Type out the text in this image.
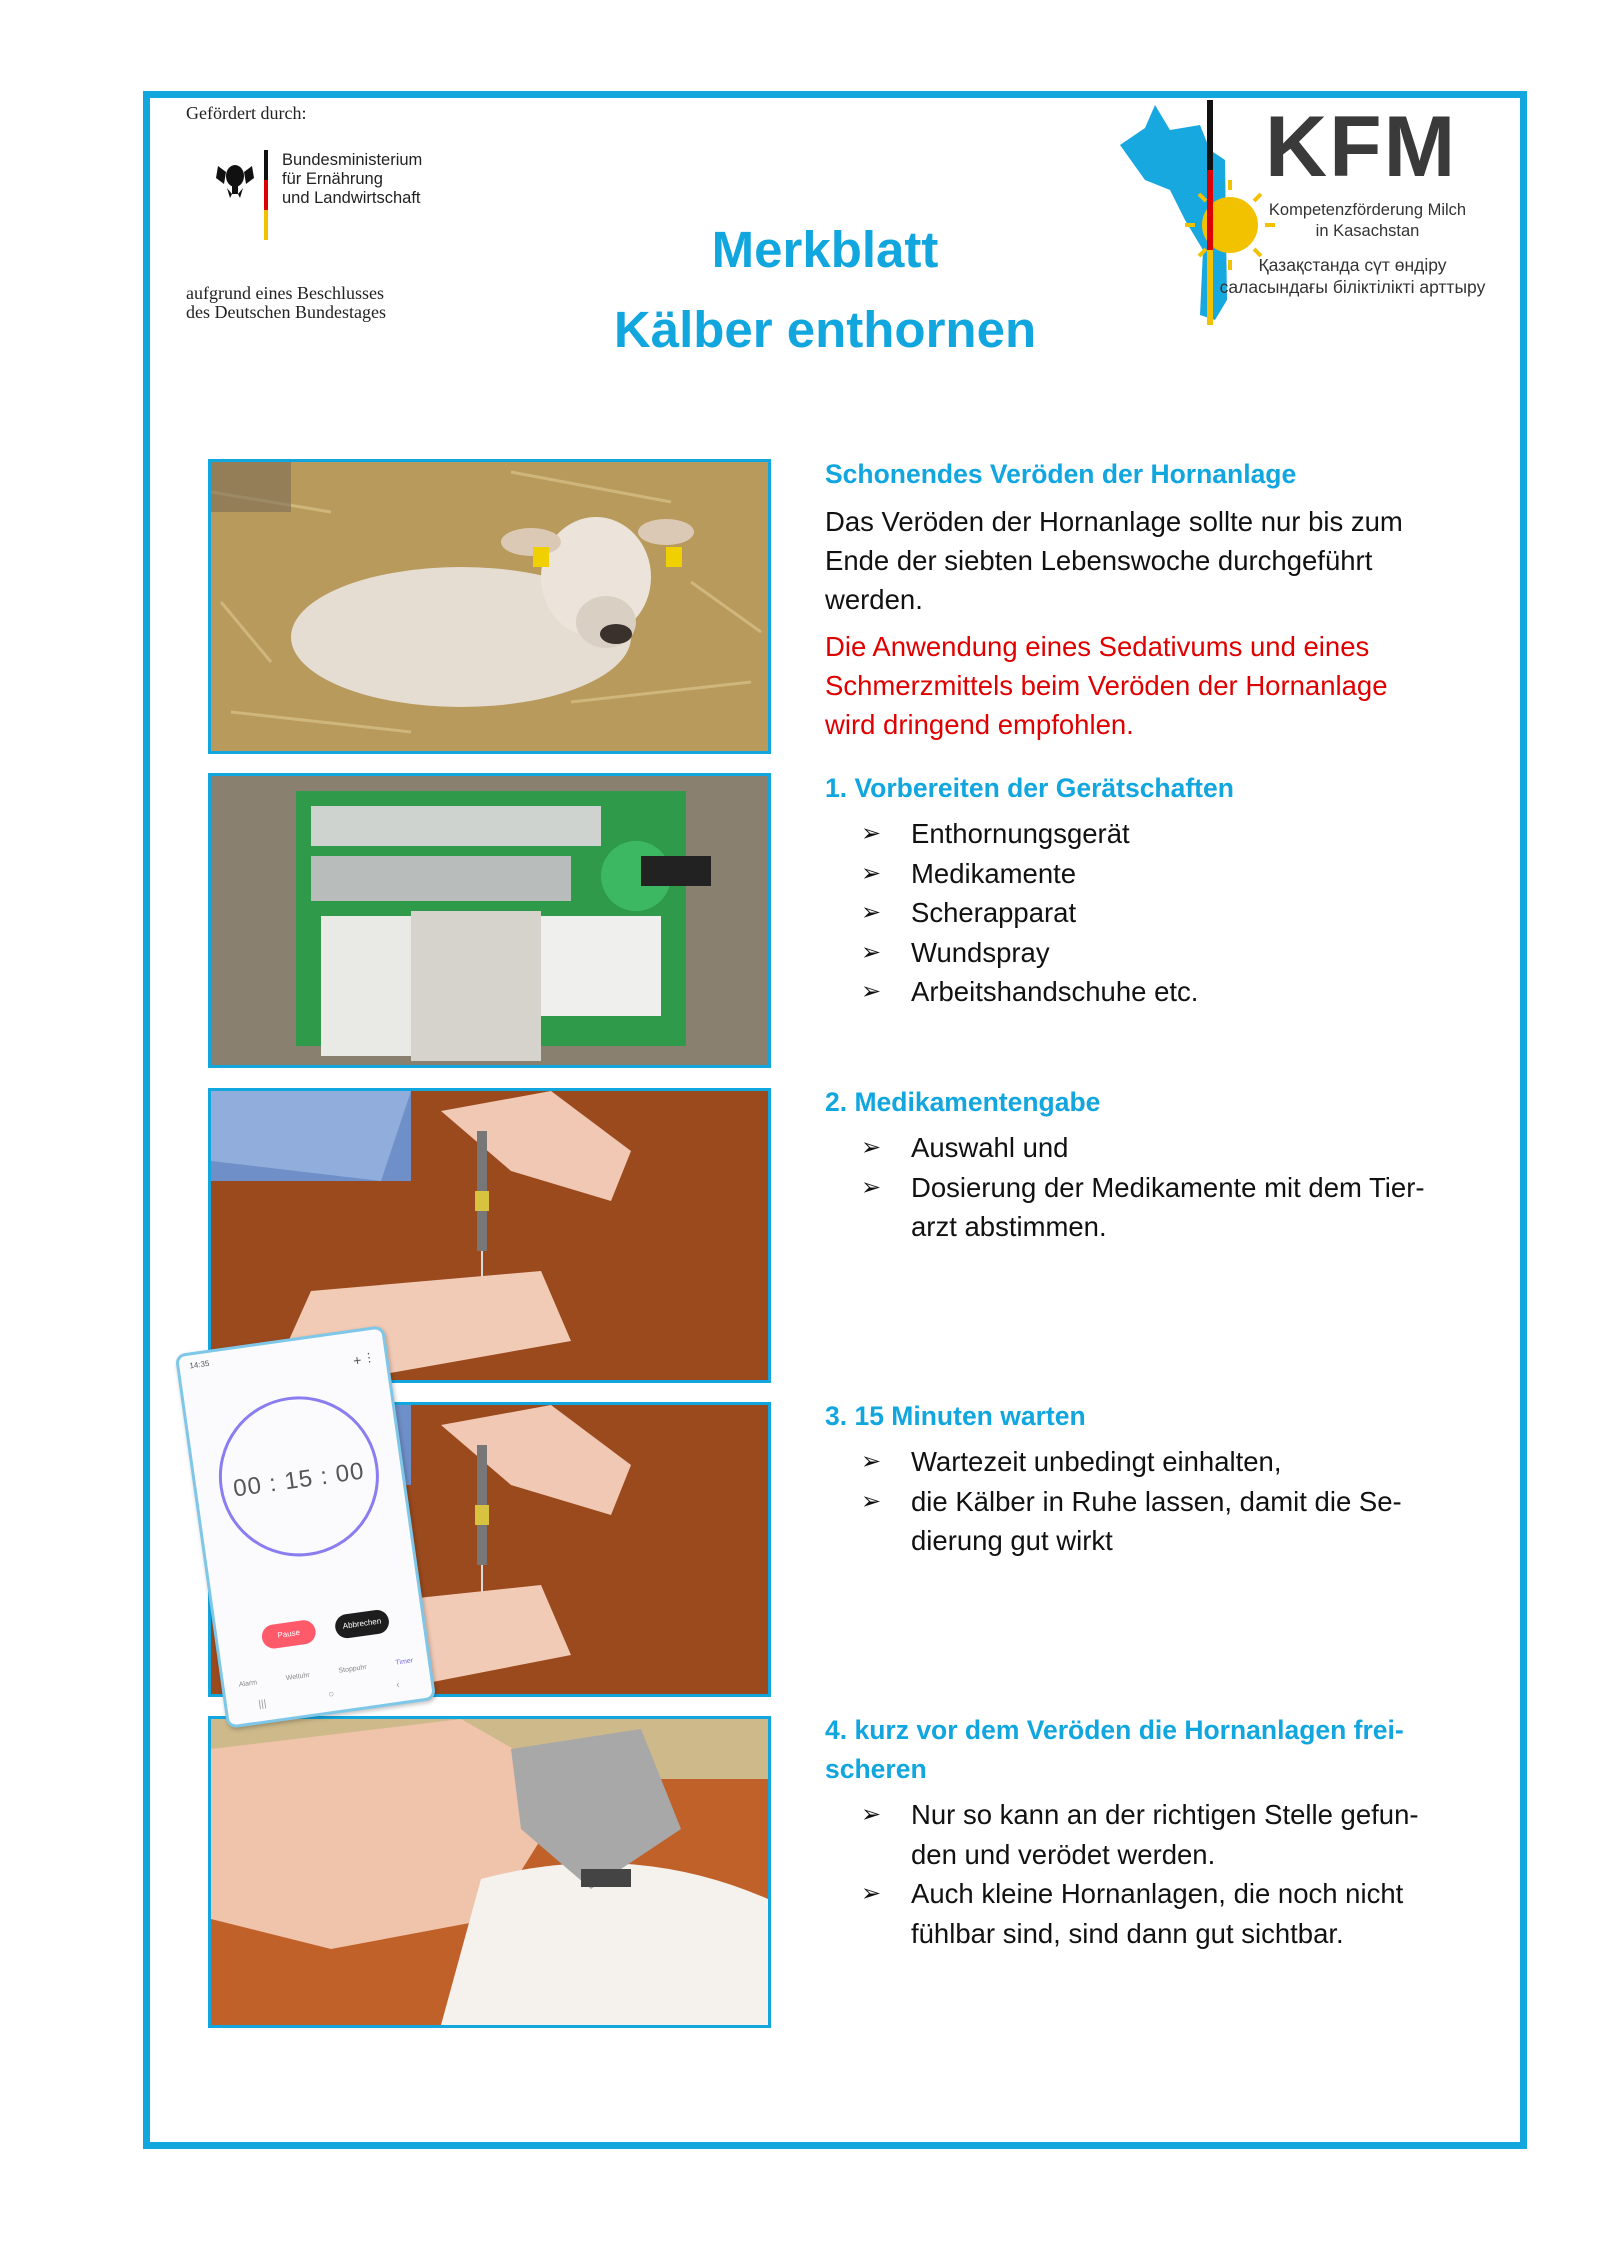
Gefördert durch:
Bundesministerium
für Ernährung
und Landwirtschaft
aufgrund eines Beschlusses
des Deutschen Bundestages
Merkblatt
Kälber enthornen
KFM
Kompetenzförderung Milch
in Kasachstan
Қазақстанда сүт өндіру
саласындағы біліктілікті арттыру
14:35	+ ⋮
00 : 15 : 00
Pause
Abbrechen
Alarm
Weltuhr
Stoppuhr
Timer
|||
○
‹
Schonendes Veröden der Hornanlage
Das Veröden der Hornanlage sollte nur bis zum
Ende der siebten Lebenswoche durchgeführt
werden.
Die Anwendung eines Sedativums und eines
Schmerzmittels beim Veröden der Hornanlage
wird dringend empfohlen.
1. Vorbereiten der Gerätschaften
➢ Enthornungsgerät
➢ Medikamente
➢ Scherapparat
➢ Wundspray
➢ Arbeitshandschuhe etc.
2. Medikamentengabe
➢ Auswahl und
➢ Dosierung der Medikamente mit dem Tier-
arzt abstimmen.
3. 15 Minuten warten
➢ Wartezeit unbedingt einhalten,
➢ die Kälber in Ruhe lassen, damit die Se-
dierung gut wirkt
4. kurz vor dem Veröden die Hornanlagen frei-
scheren
➢ Nur so kann an der richtigen Stelle gefun-
den und verödet werden.
➢ Auch kleine Hornanlagen, die noch nicht
fühlbar sind, sind dann gut sichtbar.
